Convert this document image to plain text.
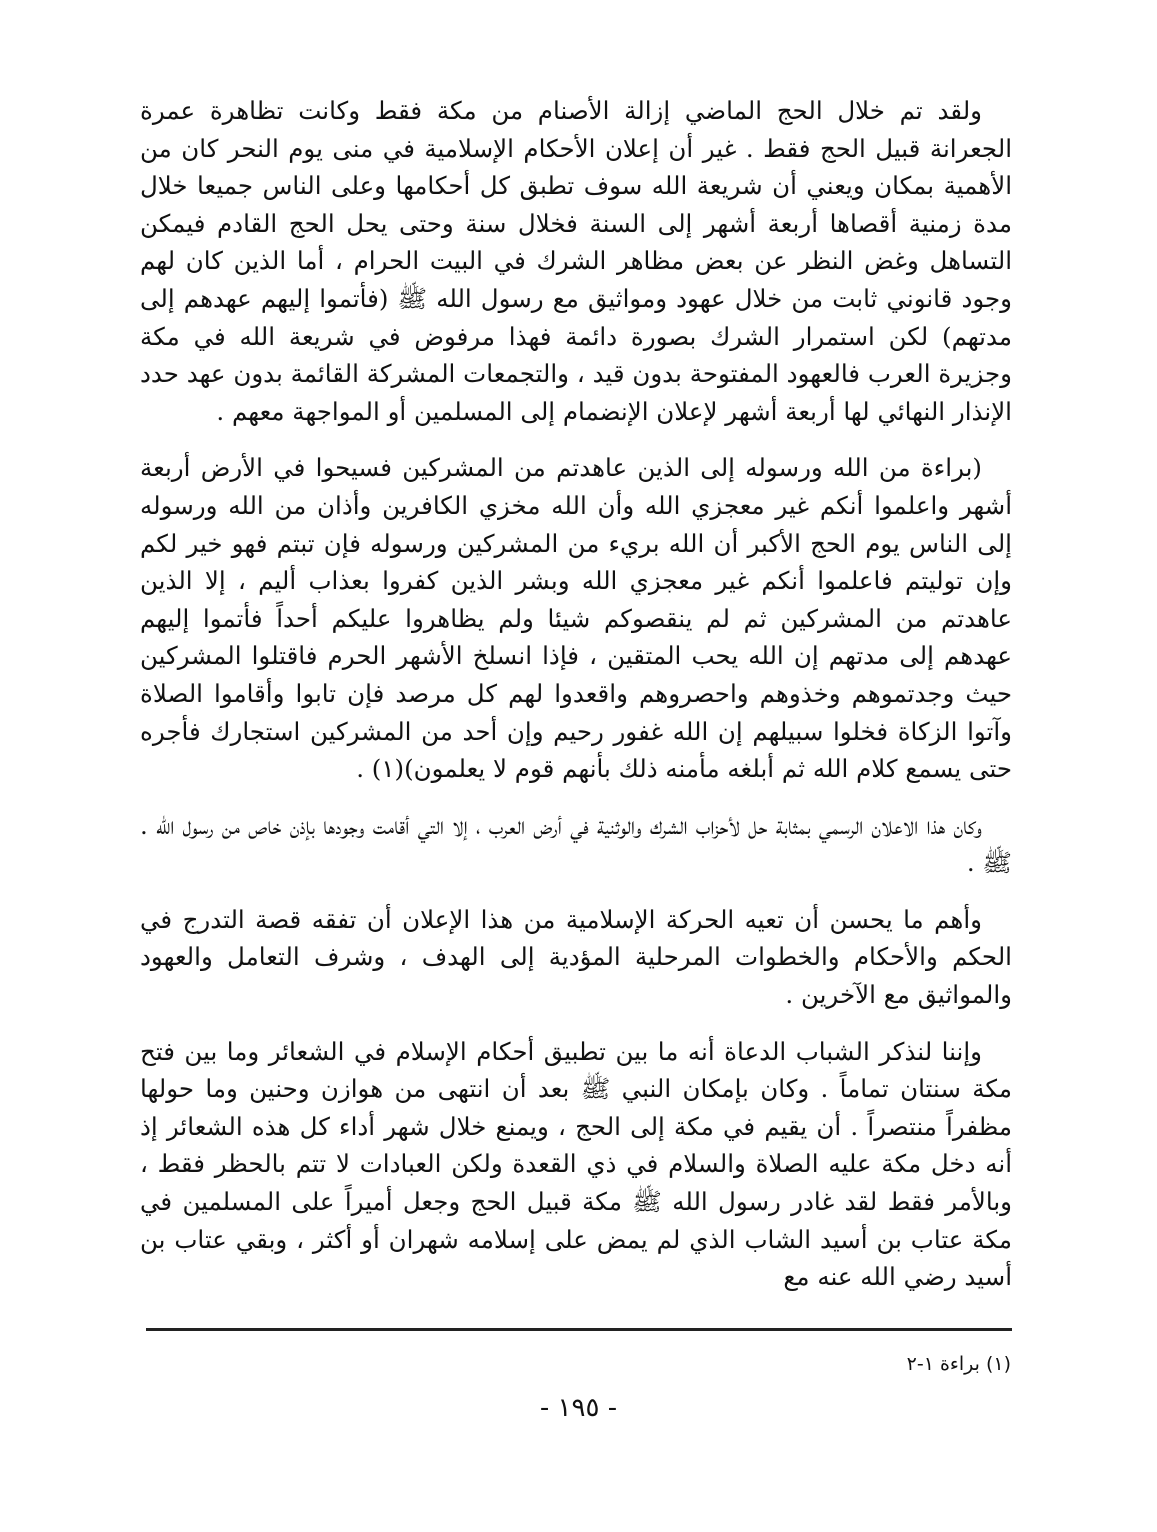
ولقد تم خلال الحج الماضي إزالة الأصنام من مكة فقط وكانت تظاهرة عمرة الجعرانة قبيل الحج فقط . غير أن إعلان الأحكام الإسلامية في منى يوم النحر كان من الأهمية بمكان ويعني أن شريعة الله سوف تطبق كل أحكامها وعلى الناس جميعا خلال مدة زمنية أقصاها أربعة أشهر إلى السنة فخلال سنة وحتى يحل الحج القادم فيمكن التساهل وغض النظر عن بعض مظاهر الشرك في البيت الحرام ، أما الذين كان لهم وجود قانوني ثابت من خلال عهود ومواثيق مع رسول الله ﷺ (فأتموا إليهم عهدهم إلى مدتهم) لكن استمرار الشرك بصورة دائمة فهذا مرفوض في شريعة الله في مكة وجزيرة العرب فالعهود المفتوحة بدون قيد ، والتجمعات المشركة القائمة بدون عهد حدد الإنذار النهائي لها أربعة أشهر لإعلان الإنضمام إلى المسلمين أو المواجهة معهم .

(براءة من الله ورسوله إلى الذين عاهدتم من المشركين فسيحوا في الأرض أربعة أشهر واعلموا أنكم غير معجزي الله وأن الله مخزي الكافرين وأذان من الله ورسوله إلى الناس يوم الحج الأكبر أن الله بريء من المشركين ورسوله فإن تبتم فهو خير لكم وإن توليتم فاعلموا أنكم غير معجزي الله وبشر الذين كفروا بعذاب أليم ، إلا الذين عاهدتم من المشركين ثم لم ينقصوكم شيئا ولم يظاهروا عليكم أحداً فأتموا إليهم عهدهم إلى مدتهم إن الله يحب المتقين ، فإذا انسلخ الأشهر الحرم فاقتلوا المشركين حيث وجدتموهم وخذوهم واحصروهم واقعدوا لهم كل مرصد فإن تابوا وأقاموا الصلاة وآتوا الزكاة فخلوا سبيلهم إن الله غفور رحيم وإن أحد من المشركين استجارك فأجره حتى يسمع كلام الله ثم أبلغه مأمنه ذلك بأنهم قوم لا يعلمون)(١) .

وكان هذا الاعلان الرسمي بمثابة حل لأحزاب الشرك والوثنية في أرض العرب ، إلا التي أقامت وجودها بإذن خاص من رسول الله . ﷺ .

وأهم ما يحسن أن تعيه الحركة الإسلامية من هذا الإعلان أن تفقه قصة التدرج في الحكم والأحكام والخطوات المرحلية المؤدية إلى الهدف ، وشرف التعامل والعهود والمواثيق مع الآخرين .

وإننا لنذكر الشباب الدعاة أنه ما بين تطبيق أحكام الإسلام في الشعائر وما بين فتح مكة سنتان تماماً . وكان بإمكان النبي ﷺ بعد أن انتهى من هوازن وحنين وما حولها مظفراً منتصراً . أن يقيم في مكة إلى الحج ، ويمنع خلال شهر أداء كل هذه الشعائر إذ أنه دخل مكة عليه الصلاة والسلام في ذي القعدة ولكن العبادات لا تتم بالحظر فقط ، وبالأمر فقط لقد غادر رسول الله ﷺ مكة قبيل الحج وجعل أميراً على المسلمين في مكة عتاب بن أسيد الشاب الذي لم يمض على إسلامه شهران أو أكثر ، وبقي عتاب بن أسيد رضي الله عنه مع

(١) براءة ١-٢
- ١٩٥ -
